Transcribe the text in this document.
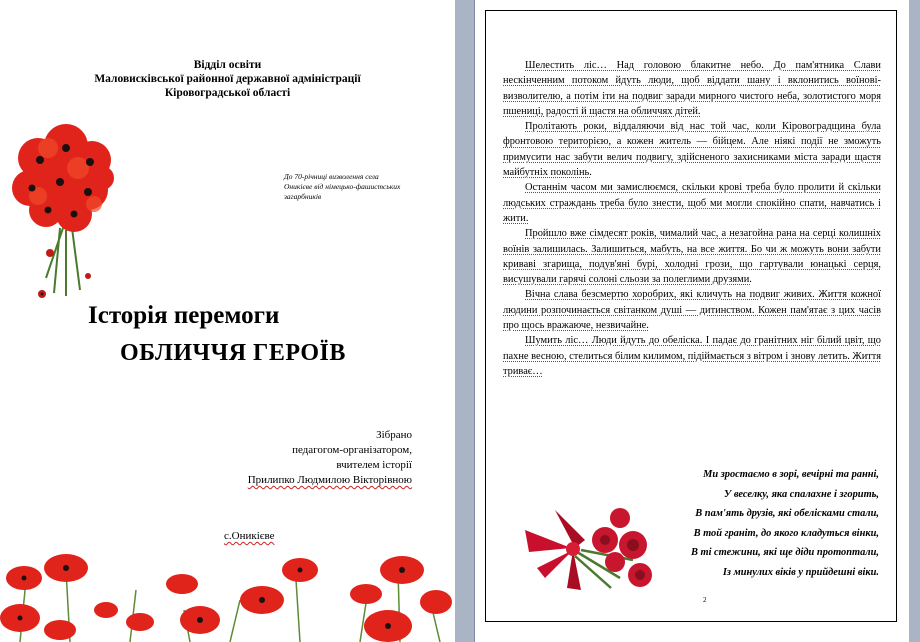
Відділ освіти
Маловисківської районної державної адміністрації
Кіровоградської області
До 70-річниці визволення села Оникієве від німецько-фашистських загарбників
Історія перемоги
ОБЛИЧЧЯ ГЕРОЇВ
Зібрано
педагогом-організатором,
вчителем історії
Прилипко Людмилою Вікторівною
с.Оникієве

Шелестить ліс… Над головою блакитне небо. До пам'ятника Слави нескінченним потоком йдуть люди, щоб віддати шану і вклонитись воїнові-визволителю, а потім іти на подвиг заради мирного чистого неба, золотистого моря пшениці, радості й щастя на обличчях дітей.

Пролітають роки, віддаляючи від нас той час, коли Кіровоградщина була фронтовою територією, а кожен житель — бійцем. Але ніякі події не зможуть примусити нас забути велич подвигу, здійсненого захисниками міста заради щастя майбутніх поколінь.

Останнім часом ми замислюємся, скільки крові треба було пролити й скільки людських страждань треба було знести, щоб ми могли спокійно спати, навчатись і жити.

Пройшло вже сімдесят років, чималий час, а незагойна рана на серці колишніх воїнів залишилась. Залишиться, мабуть, на все життя. Бо чи ж можуть вони забути криваві згарища, подув'яні бурі, холодні грози, що гартували юнацькі серця, висушували гарячі солоні сльози за полеглими друзями.

Вічна слава безсмертю хоробрих, які кличуть на подвиг живих. Життя кожної людини розпочинається світанком душі — дитинством. Кожен пам'ятає з цих часів про щось вражаюче, незвичайне.

Шумить ліс… Люди йдуть до обеліска. І падає до гранітних ніг білий цвіт, що пахне весною, стелиться білим килимом, підіймається з вітром і знову летить. Життя триває…

Ми зростаємо в зорі, вечірні та ранні,
У веселку, яка спалахне і згорить,
В пам'ять друзів, які обелісками стали,
В той граніт, до якого кладуться вінки,
В ті стежини, які ще діди протоптали,
Із минулих віків у прийдешні віки.
2
